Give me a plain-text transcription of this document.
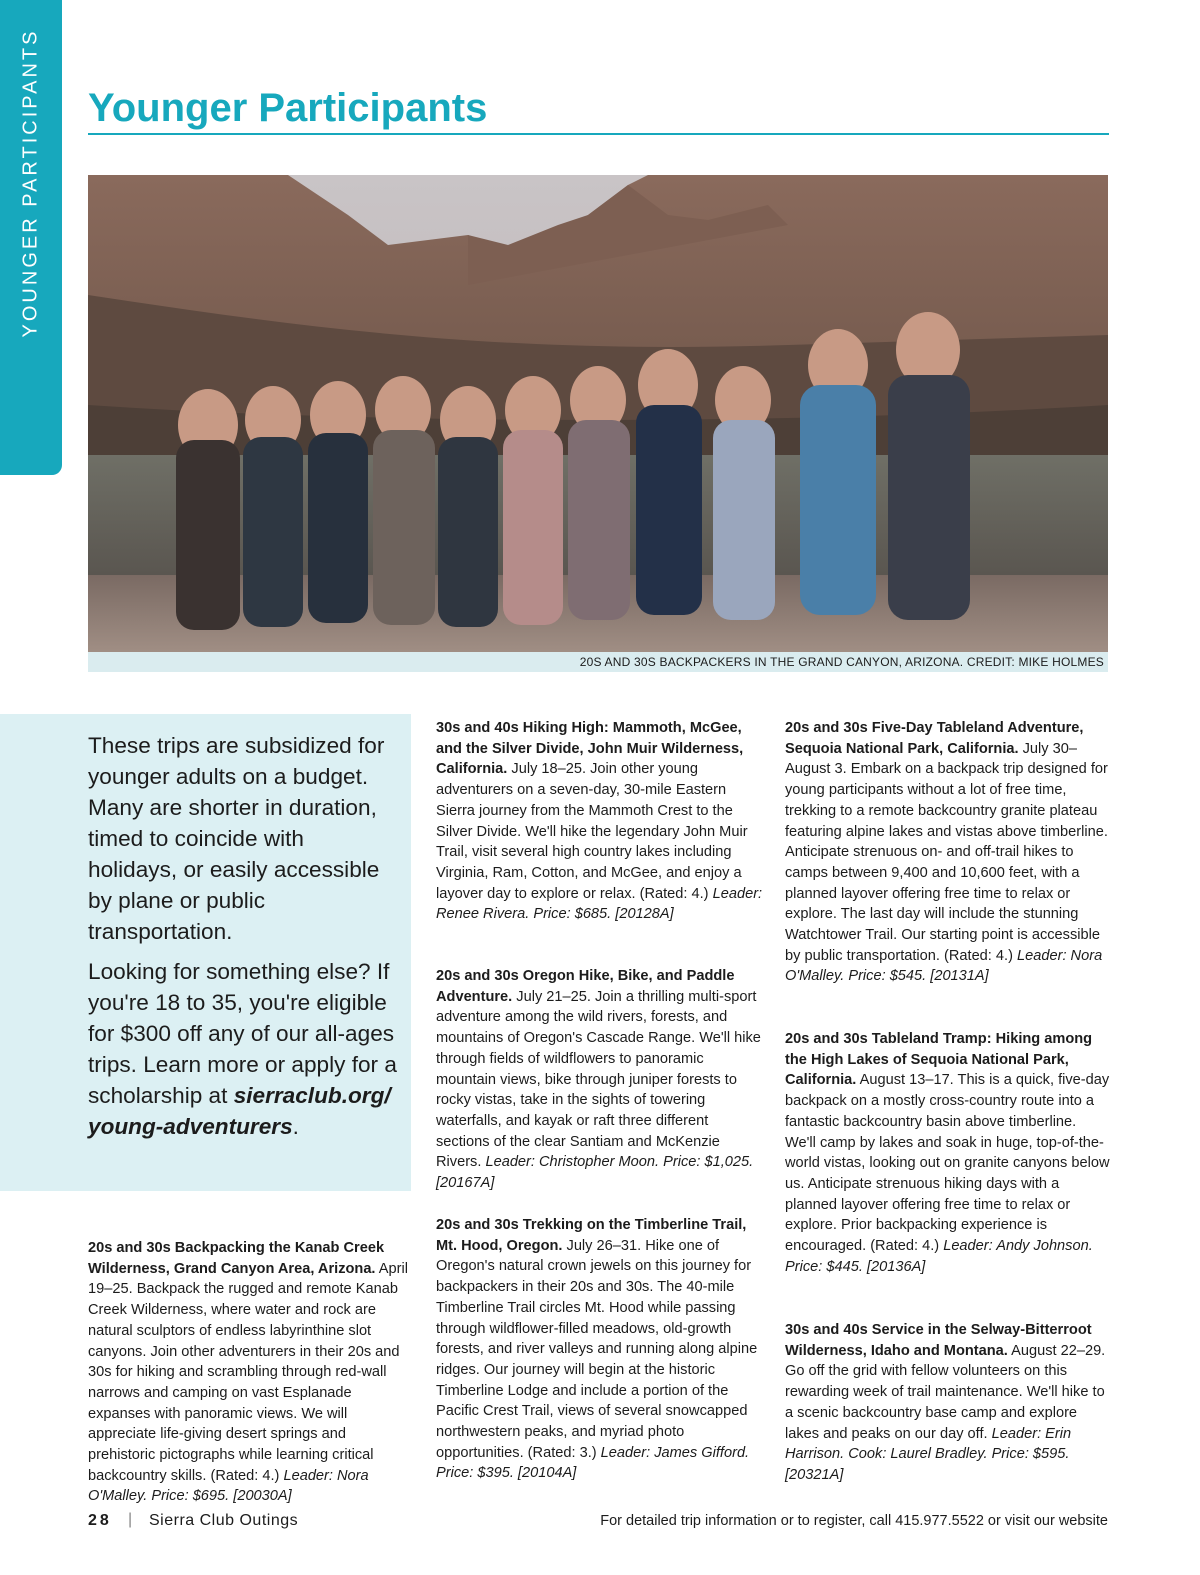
YOUNGER PARTICIPANTS Younger Participants
20S AND 30S BACKPACKERS IN THE GRAND CANYON, ARIZONA. CREDIT: MIKE HOLMES

These trips are subsidized for younger adults on a budget. Many are shorter in duration, timed to coincide with holidays, or easily accessible by plane or public transportation.

Looking for something else? If you're 18 to 35, you're eligible for $300 off any of our all-ages trips. Learn more or apply for a scholarship at sierraclub.org/ young-adventurers.

20s and 30s Backpacking the Kanab Creek Wilderness, Grand Canyon Area, Arizona. April 19–25. Backpack the rugged and remote Kanab Creek Wilderness, where water and rock are natural sculptors of endless labyrinthine slot canyons. Join other adventurers in their 20s and 30s for hiking and scrambling through red-wall narrows and camping on vast Esplanade expanses with panoramic views. We will appreciate life-giving desert springs and prehistoric pictographs while learning critical backcountry skills. (Rated: 4.) Leader: Nora O'Malley. Price: $695. [20030A]
30s and 40s Hiking High: Mammoth, McGee, and the Silver Divide, John Muir Wilderness, California. July 18–25. Join other young adventurers on a seven-day, 30-mile Eastern Sierra journey from the Mammoth Crest to the Silver Divide. We'll hike the legendary John Muir Trail, visit several high country lakes including Virginia, Ram, Cotton, and McGee, and enjoy a layover day to explore or relax. (Rated: 4.) Leader: Renee Rivera. Price: $685. [20128A]
20s and 30s Oregon Hike, Bike, and Paddle Adventure. July 21–25. Join a thrilling multi-sport adventure among the wild rivers, forests, and mountains of Oregon's Cascade Range. We'll hike through fields of wildflowers to panoramic mountain views, bike through juniper forests to rocky vistas, take in the sights of towering waterfalls, and kayak or raft three different sections of the clear Santiam and McKenzie Rivers. Leader: Christopher Moon. Price: $1,025. [20167A]
20s and 30s Trekking on the Timberline Trail, Mt. Hood, Oregon. July 26–31. Hike one of Oregon's natural crown jewels on this journey for backpackers in their 20s and 30s. The 40-mile Timberline Trail circles Mt. Hood while passing through wildflower-filled meadows, old-growth forests, and river valleys and running along alpine ridges. Our journey will begin at the historic Timberline Lodge and include a portion of the Pacific Crest Trail, views of several snowcapped northwestern peaks, and myriad photo opportunities. (Rated: 3.) Leader: James Gifford. Price: $395. [20104A]
20s and 30s Five-Day Tableland Adventure, Sequoia National Park, California. July 30–August 3. Embark on a backpack trip designed for young participants without a lot of free time, trekking to a remote backcountry granite plateau featuring alpine lakes and vistas above timberline. Anticipate strenuous on- and off-trail hikes to camps between 9,400 and 10,600 feet, with a planned layover offering free time to relax or explore. The last day will include the stunning Watchtower Trail. Our starting point is accessible by public transportation. (Rated: 4.) Leader: Nora O'Malley. Price: $545. [20131A]
20s and 30s Tableland Tramp: Hiking among the High Lakes of Sequoia National Park, California. August 13–17. This is a quick, five-day backpack on a mostly cross-country route into a fantastic backcountry basin above timberline. We'll camp by lakes and soak in huge, top-of-the-world vistas, looking out on granite canyons below us. Anticipate strenuous hiking days with a planned layover offering free time to relax or explore. Prior backpacking experience is encouraged. (Rated: 4.) Leader: Andy Johnson. Price: $445. [20136A]
30s and 40s Service in the Selway-Bitterroot Wilderness, Idaho and Montana. August 22–29. Go off the grid with fellow volunteers on this rewarding week of trail maintenance. We'll hike to a scenic backcountry base camp and explore lakes and peaks on our day off. Leader: Erin Harrison. Cook: Laurel Bradley. Price: $595. [20321A]
28 | Sierra Club Outings	For detailed trip information or to register, call 415.977.5522 or visit our website
